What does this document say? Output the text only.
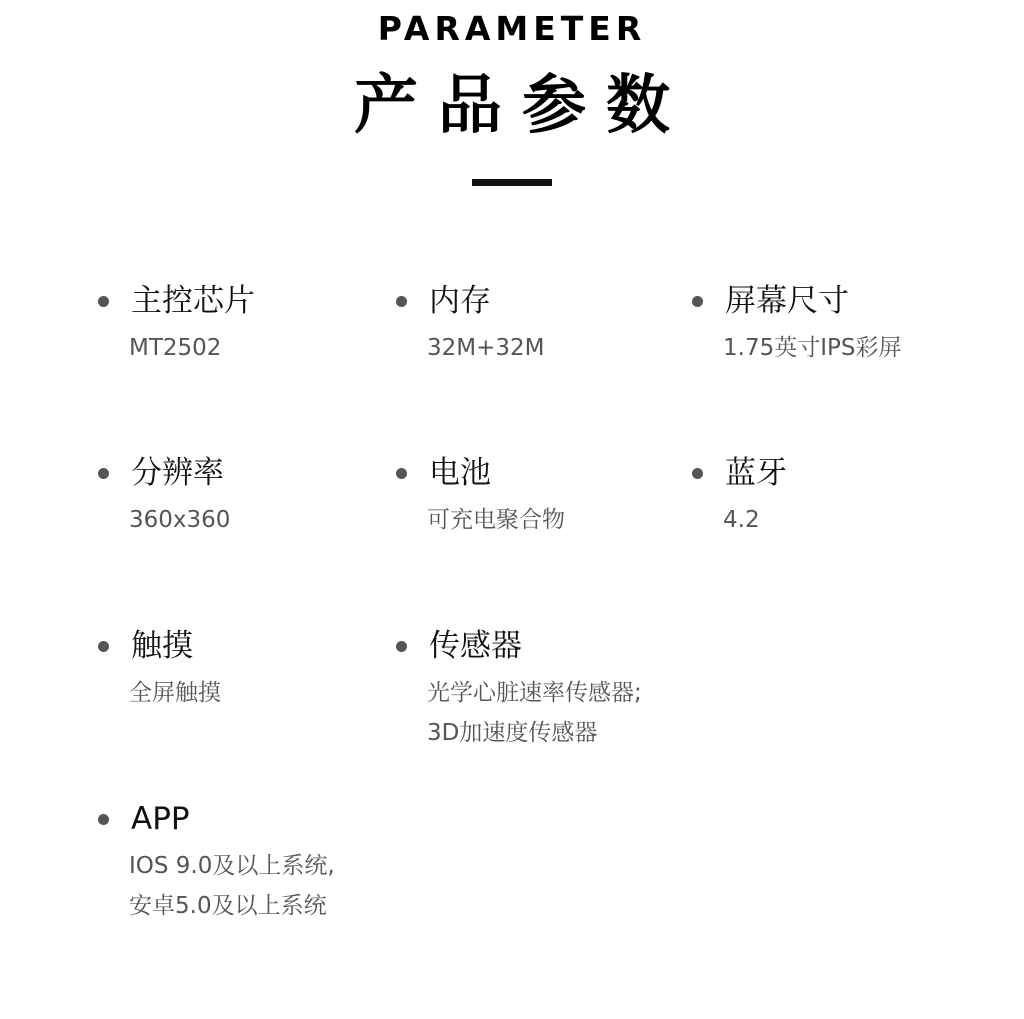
PARAMETER
产品参数
主控芯片
MT2502
内存
32M+32M
屏幕尺寸
1.75英寸IPS彩屏
分辨率
360x360
电池
可充电聚合物
蓝牙
4.2
触摸
全屏触摸
传感器
光学心脏速率传感器;
3D加速度传感器
APP
IOS 9.0及以上系统,
安卓5.0及以上系统
